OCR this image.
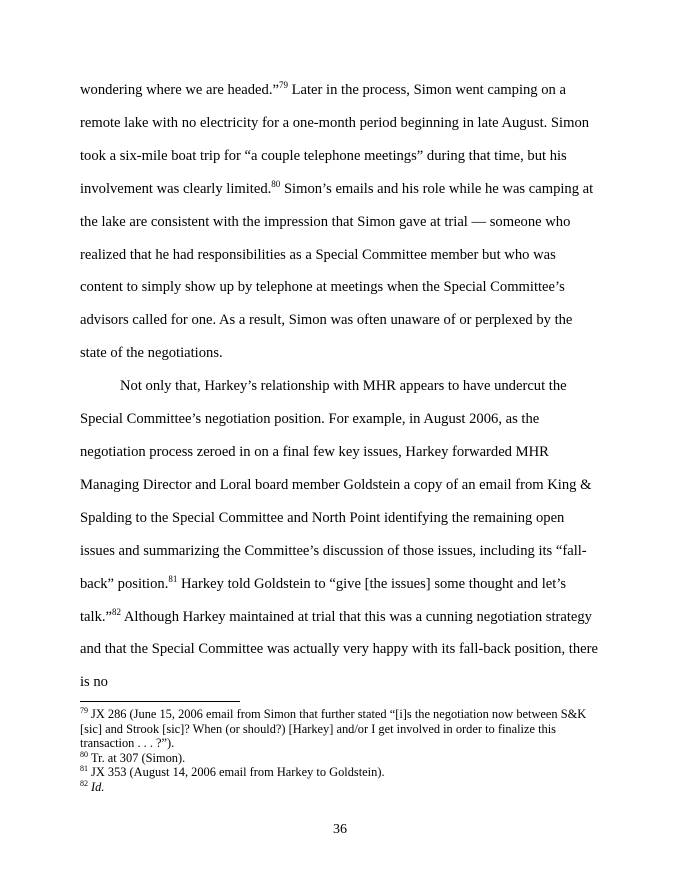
wondering where we are headed.”$^{79}$ Later in the process, Simon went camping on a remote lake with no electricity for a one-month period beginning in late August. Simon took a six-mile boat trip for “a couple telephone meetings” during that time, but his involvement was clearly limited.$^{80}$ Simon’s emails and his role while he was camping at the lake are consistent with the impression that Simon gave at trial — someone who realized that he had responsibilities as a Special Committee member but who was content to simply show up by telephone at meetings when the Special Committee’s advisors called for one. As a result, Simon was often unaware of or perplexed by the state of the negotiations.

Not only that, Harkey’s relationship with MHR appears to have undercut the Special Committee’s negotiation position. For example, in August 2006, as the negotiation process zeroed in on a final few key issues, Harkey forwarded MHR Managing Director and Loral board member Goldstein a copy of an email from King & Spalding to the Special Committee and North Point identifying the remaining open issues and summarizing the Committee’s discussion of those issues, including its “fall-back” position.$^{81}$ Harkey told Goldstein to “give [the issues] some thought and let’s talk.”$^{82}$ Although Harkey maintained at trial that this was a cunning negotiation strategy and that the Special Committee was actually very happy with its fall-back position, there is no

$^{79}$ JX 286 (June 15, 2006 email from Simon that further stated “[i]s the negotiation now between S&K [sic] and Strook [sic]? When (or should?) [Harkey] and/or I get involved in order to finalize this transaction . . . ?”).

$^{80}$ Tr. at 307 (Simon).

$^{81}$ JX 353 (August 14, 2006 email from Harkey to Goldstein).

$^{82}$ Id.

36
